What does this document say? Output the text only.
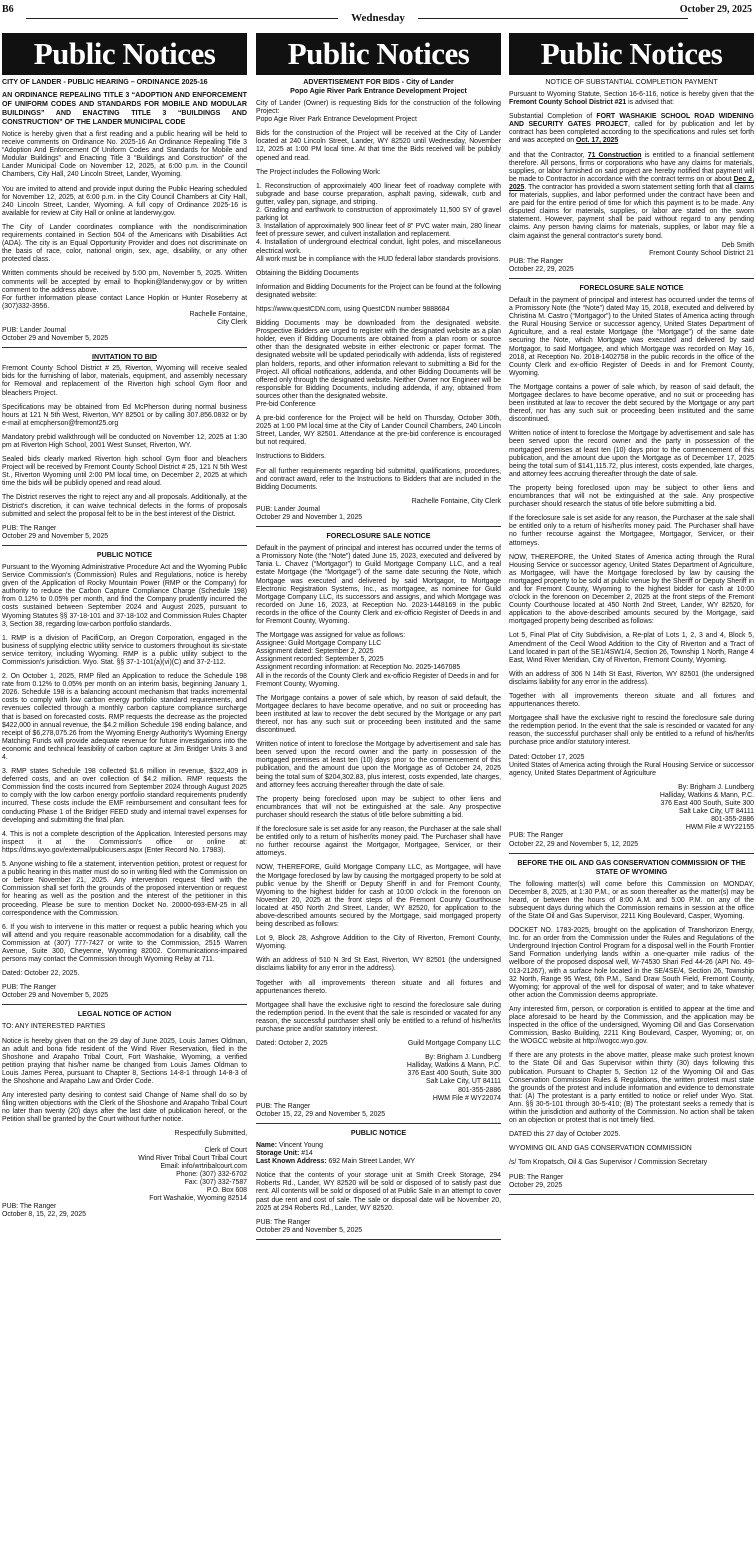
B6
Wednesday
October 29, 2025
Public Notices
CITY OF LANDER - PUBLIC HEARING – ORDINANCE 2025-16
AN ORDINANCE REPEALING TITLE 3 “ADOPTION AND ENFORCEMENT OF UNIFORM CODES AND STANDARDS FOR MOBILE AND MODULAR BUILDINGS” AND ENACTING TITLE 3 “BUILDINGS AND CONSTRUCTION” OF THE LANDER MUNICIPAL CODE

Notice is hereby given that a first reading and a public hearing will be held to receive comments on Ordinance No. 2025-16 An Ordinance Repealing Title 3 “Adoption And Enforcement Of Uniform Codes and Standards for Mobile and Modular Buildings” and Enacting Title 3 “Buildings and Construction” of the Lander Municipal Code on November 12, 2025, at 6:00 p.m. in the Council Chambers, City Hall, 240 Lincoln Street, Lander, Wyoming.

You are invited to attend and provide input during the Public Hearing scheduled for November 12, 2025, at 6:00 p.m. in the City Council Chambers at City Hall, 240 Lincoln Street, Lander, Wyoming. A full copy of Ordinance 2025-16 is available for review at City Hall or online at landerwy.gov.

The City of Lander coordinates compliance with the nondiscrimination requirements contained in Section 504 of the Americans with Disabilities Act (ADA). The city is an Equal Opportunity Provider and does not discriminate on the basis of race, color, national origin, sex, age, disability, or any other protected class.

Written comments should be received by 5:00 pm, November 5, 2025. Written comments will be accepted by email to lhopkin@landerwy.gov or by written comment to the address above.

For further information please contact Lance Hopkin or Hunter Roseberry at (307)332-3956.

Rachelle Fontaine,

City Clerk

PUB: Lander Journal
October 29 and November 5, 2025
INVITATION TO BID

Fremont County School District # 25, Riverton, Wyoming will receive sealed bids for the furnishing of labor, materials, equipment, and assembly necessary for Removal and replacement of the Riverton high school Gym floor and bleachers Project.

Specifications may be obtained from Ed McPherson during normal business hours at 121 N 5th West, Riverton, WY 82501 or by calling 307.856.0832 or by e-mail at emcpherson@fremont25.org

Mandatory prebid walkthrough will be conducted on November 12, 2025 at 1:30 pm at Riverton High School, 2001 West Sunset, Riverton, WY.

Sealed bids clearly marked Riverton high school Gym floor and bleachers Project will be received by Fremont County School District # 25, 121 N 5th West St., Riverton Wyoming until 2:00 PM local time, on December 2, 2025 at which time the bids will be publicly opened and read aloud.

The District reserves the right to reject any and all proposals. Additionally, at the District's discretion, it can waive technical defects in the forms of proposals submitted and select the proposal felt to be in the best interest of the District.

PUB: The Ranger
October 29 and November 5, 2025
PUBLIC NOTICE

Pursuant to the Wyoming Administrative Procedure Act and the Wyoming Public Service Commission's (Commission) Rules and Regulations, notice is hereby given of the Application of Rocky Mountain Power (RMP or the Company) for authority to reduce the Carbon Capture Compliance Charge (Schedule 198) from 0.12% to 0.05% per month, and find the Company prudently incurred the costs sustained between September 2024 and August 2025, pursuant to Wyoming Statutes §§ 37-18-101 and 37-18-102 and Commission Rules Chapter 3, Section 38, regarding low-carbon portfolio standards.

1. RMP is a division of PacifiCorp, an Oregon Corporation, engaged in the business of supplying electric utility service to customers throughout its six-state service territory, including Wyoming. RMP is a public utility subject to the Commission's jurisdiction. Wyo. Stat. §§ 37-1-101(a)(vi)(C) and 37-2-112.

2. On October 1, 2025, RMP filed an Application to reduce the Schedule 198 rate from 0.12% to 0.05% per month on an interim basis, beginning January 1, 2026. Schedule 198 is a balancing account mechanism that tracks incremental costs to comply with low carbon energy portfolio standard requirements, and revenues collected through a monthly carbon capture compliance surcharge that is based on forecasted costs. RMP requests the decrease as the projected $422,000 in annual revenue, the $4.2 million Schedule 198 ending balance, and receipt of $6,278,075.26 from the Wyoming Energy Authority's Wyoming Energy Matching Funds will provide adequate revenue for future investigations into the economic and technical feasibility of carbon capture at Jim Bridger Units 3 and 4.

3. RMP states Schedule 198 collected $1.6 million in revenue, $322,409 in deferred costs, and an over collection of $4.2 million. RMP requests the Commission find the costs incurred from September 2024 through August 2025 to comply with the low carbon energy portfolio standard requirements prudently incurred. These costs include the EMF reimbursement and consultant fees for conducting Phase 1 of the Bridger FEED study and internal travel expenses for developing and submitting the final plan.

4. This is not a complete description of the Application. Interested persons may inspect it at the Commission's office or online at: https://dms.wyo.gov/external/publicusers.aspx (Enter Record No. 17983).

5. Anyone wishing to file a statement, intervention petition, protest or request for a public hearing in this matter must do so in writing filed with the Commission on or before November 21, 2025. Any intervention request filed with the Commission shall set forth the grounds of the proposed intervention or request for hearing as well as the position and the interest of the petitioner in this proceeding. Please be sure to mention Docket No. 20000-693-EM-25 in all correspondence with the Commission.

6. If you wish to intervene in this matter or request a public hearing which you will attend and you require reasonable accommodation for a disability, call the Commission at (307) 777-7427 or write to the Commission, 2515 Warren Avenue, Suite 300, Cheyenne, Wyoming 82002. Communications-impaired persons may contact the Commission through Wyoming Relay at 711.

Dated: October 22, 2025.

PUB: The Ranger
October 29 and November 5, 2025
LEGAL NOTICE OF ACTION

TO: ANY INTERESTED PARTIES

Notice is hereby given that on the 29 day of June 2025, Louis James Oldman, an adult and bona fide resident of the Wind River Reservation, filed in the Shoshone and Arapaho Tribal Court, Fort Washakie, Wyoming, a verified petition praying that his/her name be changed from Louis James Oldman to Louis James Perea, pursuant to Chapter 8, Sections 14-8-1 through 14-8-3 of the Shoshone and Arapaho Law and Order Code.

Any interested party desiring to contest said Change of Name shall do so by filing written objections with the Clerk of the Shoshone and Arapaho Tribal Court no later than twenty (20) days after the last date of publication hereof, or the Petition shall be granted by the Court without further notice.

Respectfully Submitted,

Clerk of Court

Wind River Tribal Court Tribal Court

Email: info/wrtribalcourt.com

Phone: (307) 332-6702

Fax: (307) 332-7587

P.O. Box 608

Fort Washakie, Wyoming 82514

PUB: The Ranger
October 8, 15, 22, 29, 2025
Public Notices
ADVERTISEMENT FOR BIDS - City of Lander
Popo Agie River Park Entrance Development Project

City of Lander (Owner) is requesting Bids for the construction of the following Project:

Popo Agie River Park Entrance Development Project

Bids for the construction of the Project will be received at the City of Lander located at 240 Lincoln Street, Lander, WY 82520 until Wednesday, November 12, 2025 at 1:00 PM local time. At that time the Bids received will be publicly opened and read.

The Project includes the Following Work:

1. Reconstruction of approximately 400 linear feet of roadway complete with subgrade and base course preparation, asphalt paving, sidewalk, curb and gutter, valley pan, signage, and striping.

2. Grading and earthwork to construction of approximately 11,500 SY of gravel parking lot

3. Installation of approximately 900 linear feet of 8” PVC water main, 280 linear feet of pressure sewer, and culvert installation and replacement.

4. Installation of underground electrical conduit, light poles, and miscellaneous electrical work.

All work must be in compliance with the HUD federal labor standards provisions.

Obtaining the Bidding Documents

Information and Bidding Documents for the Project can be found at the following designated website:

https://www.questCDN.com, using QuestCDN number 9888684

Bidding Documents may be downloaded from the designated website. Prospective Bidders are urged to register with the designated website as a plan holder, even if Bidding Documents are obtained from a plan room or source other than the designated website in either electronic or paper format. The designated website will be updated periodically with addenda, lists of registered plan holders, reports, and other information relevant to submitting a Bid for the Project. All official notifications, addenda, and other Bidding Documents will be offered only through the designated website. Neither Owner nor Engineer will be responsible for Bidding Documents, including addenda, if any, obtained from sources other than the designated website.

Pre-bid Conference

A pre-bid conference for the Project will be held on Thursday, October 30th, 2025 at 1:00 PM local time at the City of Lander Council Chambers, 240 Lincoln Street, Lander, WY 82501. Attendance at the pre-bid conference is encouraged but not required.

Instructions to Bidders.

For all further requirements regarding bid submittal, qualifications, procedures, and contract award, refer to the Instructions to Bidders that are included in the Bidding Documents.

Rachelle Fontaine, City Clerk

PUB: Lander Journal
October 29 and November 1, 2025
FORECLOSURE SALE NOTICE

Default in the payment of principal and interest has occurred under the terms of a Promissory Note (the “Note”) dated June 15, 2023, executed and delivered by Tania L. Chavez (“Mortgagor”) to Guild Mortgage Company LLC, and a real estate Mortgage (the “Mortgage”) of the same date securing the Note, which Mortgage was executed and delivered by said Mortgagor, to Mortgage Electronic Registration Systems, Inc., as mortgagee, as nominee for Guild Mortgage Company LLC, its successors and assigns, and which Mortgage was recorded on June 16, 2023, at Reception No. 2023-1448169 in the public records in the office of the County Clerk and ex-officio Register of Deeds in and for Fremont County, Wyoming.

The Mortgage was assigned for value as follows:
Assignee: Guild Mortgage Company LLC
Assignment dated: September 2, 2025
Assignment recorded: September 5, 2025
Assignment recording information: at Reception No. 2025-1467085
All in the records of the County Clerk and ex-officio Register of Deeds in and for Fremont County, Wyoming.

The Mortgage contains a power of sale which, by reason of said default, the Mortgagee declares to have become operative, and no suit or proceeding has been instituted at law to recover the debt secured by the Mortgage or any part thereof, nor has any such suit or proceeding been instituted and the same discontinued.

Written notice of intent to foreclose the Mortgage by advertisement and sale has been served upon the record owner and the party in possession of the mortgaged premises at least ten (10) days prior to the commencement of this publication, and the amount due upon the Mortgage as of October 24, 2025 being the total sum of $204,302.83, plus interest, costs expended, late charges, and attorney fees accruing thereafter through the date of sale.

The property being foreclosed upon may be subject to other liens and encumbrances that will not be extinguished at the sale. Any prospective purchaser should research the status of title before submitting a bid.

If the foreclosure sale is set aside for any reason, the Purchaser at the sale shall be entitled only to a return of his/her/its money paid. The Purchaser shall have no further recourse against the Mortgagor, Mortgagee, Servicer, or their attorneys.

NOW, THEREFORE, Guild Mortgage Company LLC, as Mortgagee, will have the Mortgage foreclosed by law by causing the mortgaged property to be sold at public venue by the Sheriff or Deputy Sheriff in and for Fremont County, Wyoming to the highest bidder for cash at 10:00 o'clock in the forenoon on November 20, 2025 at the front steps of the Fremont County Courthouse located at 450 North 2nd Street, Lander, WY 82520, for application to the above-described amounts secured by the Mortgage, said mortgaged property being described as follows:

Lot 9, Block 28, Ashgrove Addition to the City of Riverton, Fremont County, Wyoming.

With an address of 510 N 3rd St East, Riverton, WY 82501 (the undersigned disclaims liability for any error in the address).

Together with all improvements thereon situate and all fixtures and appurtenances thereto.

Mortgagee shall have the exclusive right to rescind the foreclosure sale during the redemption period. In the event that the sale is rescinded or vacated for any reason, the successful purchaser shall only be entitled to a refund of his/her/its purchase price and/or statutory interest.

Dated: October 2, 2025	Guild Mortgage Company LLC

By: Brigham J. Lundberg

Halliday, Watkins & Mann, P.C.

376 East 400 South, Suite 300

Salt Lake City, UT 84111

801-355-2886

HWM File # WY22074

PUB: The Ranger
October 15, 22, 29 and November 5, 2025
PUBLIC NOTICE
Name: Vincent Young
Storage Unit: #14
Last Known Address: 692 Main Street Lander, WY

Notice that the contents of your storage unit at Smith Creek Storage, 294 Roberts Rd., Lander, WY 82520 will be sold or disposed of to satisfy past due rent. All contents will be sold or disposed of at Public Sale in an attempt to cover past due rent and cost of sale. The sale or disposal date will be November 20, 2025 at 294 Roberts Rd., Lander, WY 82520.

PUB: The Ranger
October 29 and November 5, 2025
Public Notices
NOTICE OF SUBSTANTIAL COMPLETION PAYMENT

Pursuant to Wyoming Statute, Section 16-6-116, notice is hereby given that the Fremont County School District #21 is advised that:

Substantial Completion of FORT WASHAKIE SCHOOL ROAD WIDENING AND SECURITY GATES PROJECT, called for by publication and let by contract has been completed according to the specifications and rules set forth and was accepted on Oct. 17, 2025

and that the Contractor, 71 Construction is entitled to a financial settlement therefore. All persons, firms or corporations who have any claims for materials, supplies, or labor furnished on said project are hereby notified that payment will be made to Contractor in accordance with the contract terms on or about Dec 2, 2025. The contractor has provided a sworn statement setting forth that all claims for materials, supplies, and labor performed under the contract have been and are paid for the entire period of time for which this payment is to be made. Any disputed claims for materials, supplies, or labor are stated on the sworn statement. However, payment shall be paid without regard to any pending claims. Any person having claims for materials, supplies, or labor may file a claim against the general contractor's surety bond.

Deb Smith

Fremont County School District 21

PUB: The Ranger
October 22, 29, 2025
FORECLOSURE SALE NOTICE

Default in the payment of principal and interest has occurred under the terms of a Promissory Note (the “Note”) dated May 15, 2018, executed and delivered by Christina M. Castro (“Mortgagor”) to the United States of America acting through the Rural Housing Service or successor agency, United States Department of Agriculture, and a real estate Mortgage (the “Mortgage”) of the same date securing the Note, which Mortgage was executed and delivered by said Mortgagor, to said Mortgagee, and which Mortgage was recorded on May 16, 2018, at Reception No. 2018-1402758 in the public records in the office of the County Clerk and ex-officio Register of Deeds in and for Fremont County, Wyoming.

The Mortgage contains a power of sale which, by reason of said default, the Mortgagee declares to have become operative, and no suit or proceeding has been instituted at law to recover the debt secured by the Mortgage or any part thereof, nor has any such suit or proceeding been instituted and the same discontinued.

Written notice of intent to foreclose the Mortgage by advertisement and sale has been served upon the record owner and the party in possession of the mortgaged premises at least ten (10) days prior to the commencement of this publication, and the amount due upon the Mortgage as of December 17, 2025 being the total sum of $141,115.72, plus interest, costs expended, late charges, and attorney fees accruing thereafter through the date of sale.

The property being foreclosed upon may be subject to other liens and encumbrances that will not be extinguished at the sale. Any prospective purchaser should research the status of title before submitting a bid.

If the foreclosure sale is set aside for any reason, the Purchaser at the sale shall be entitled only to a return of his/her/its money paid. The Purchaser shall have no further recourse against the Mortgagee, Mortgagor, Servicer, or their attorneys.

NOW, THEREFORE, the United States of America acting through the Rural Housing Service or successor agency, United States Department of Agriculture, as Mortgagee, will have the Mortgage foreclosed by law by causing the mortgaged property to be sold at public venue by the Sheriff or Deputy Sheriff in and for Fremont County, Wyoming to the highest bidder for cash at 10:00 o'clock in the forenoon on December 2, 2025 at the front steps of the Fremont County Courthouse located at 450 North 2nd Street, Lander, WY 82520, for application to the above-described amounts secured by the Mortgage, said mortgaged property being described as follows:

Lot 5, Final Plat of City Subdivision, a Re-plat of Lots 1, 2, 3 and 4, Block 5, Amendment of the Cecil Wood Addition to the City of Riverton and a Tract of Land located in part of the SE1/4SW1/4, Section 26, Township 1 North, Range 4 East, Wind River Meridian, City of Riverton, Fremont County, Wyoming.

With an address of 306 N 14th St East, Riverton, WY 82501 (the undersigned disclaims liability for any error in the address).

Together with all improvements thereon situate and all fixtures and appurtenances thereto.

Mortgagee shall have the exclusive right to rescind the foreclosure sale during the redemption period. In the event that the sale is rescinded or vacated for any reason, the successful purchaser shall only be entitled to a refund of his/her/its purchase price and/or statutory interest.

Dated: October 17, 2025

United States of America acting through the Rural Housing Service or successor agency, United States Department of Agriculture

By: Brigham J. Lundberg

Halliday, Watkins & Mann, P.C.

376 East 400 South, Suite 300

Salt Lake City, UT 84111

801-355-2886

HWM File # WY22155

PUB: The Ranger
October 22, 29 and November 5, 12, 2025
BEFORE THE OIL AND GAS CONSERVATION COMMISSION OF THE STATE OF WYOMING

The following matter(s) will come before this Commission on MONDAY, December 8, 2025, at 1:30 P.M., or as soon thereafter as the matter(s) may be heard, or between the hours of 8:00 A.M. and 5:00 P.M. on any of the subsequent days during which the Commission remains in session at the office of the State Oil and Gas Supervisor, 2211 King Boulevard, Casper, Wyoming.

DOCKET NO. 1783-2025, brought on the application of Transhorizon Energy, Inc. for an order from the Commission under the Rules and Regulations of the Underground Injection Control Program for a disposal well in the Fourth Frontier Sand Formation underlying lands within a one-quarter mile radius of the wellbore of the proposed disposal well, W-74530 Shari Fed 44-26 (API No. 49-013-21267), with a surface hole located in the SE/4SE/4, Section 26, Township 32 North, Range 95 West, 6th P.M., Sand Draw South Field, Fremont County, Wyoming; for approval of the well for disposal of water; and to take whatever other action the Commission deems appropriate.

Any interested firm, person, or corporation is entitled to appear at the time and place aforesaid to be heard by the Commission, and the application may be inspected in the office of the undersigned, Wyoming Oil and Gas Conservation Commission, Basko Building, 2211 King Boulevard, Casper, Wyoming; or, on the WOGCC website at http://wogcc.wyo.gov.

If there are any protests in the above matter, please make such protest known to the State Oil and Gas Supervisor within thirty (30) days following this publication. Pursuant to Chapter 5, Section 12 of the Wyoming Oil and Gas Conservation Commission Rules & Regulations, the written protest must state the grounds of the protest and include information and evidence to demonstrate that: (A) The protestant is a party entitled to notice or relief under Wyo. Stat. Ann. §§ 30-5-101 through 30-5-410; (B) The protestant seeks a remedy that is within the jurisdiction and authority of the Commission. No action shall be taken on an objection or protest that is not timely filed.

DATED this 27 day of October 2025.

WYOMING OIL AND GAS CONSERVATION COMMISSION

/s/ Tom Kropatsch, Oil & Gas Supervisor / Commission Secretary

PUB: The Ranger
October 29, 2025
